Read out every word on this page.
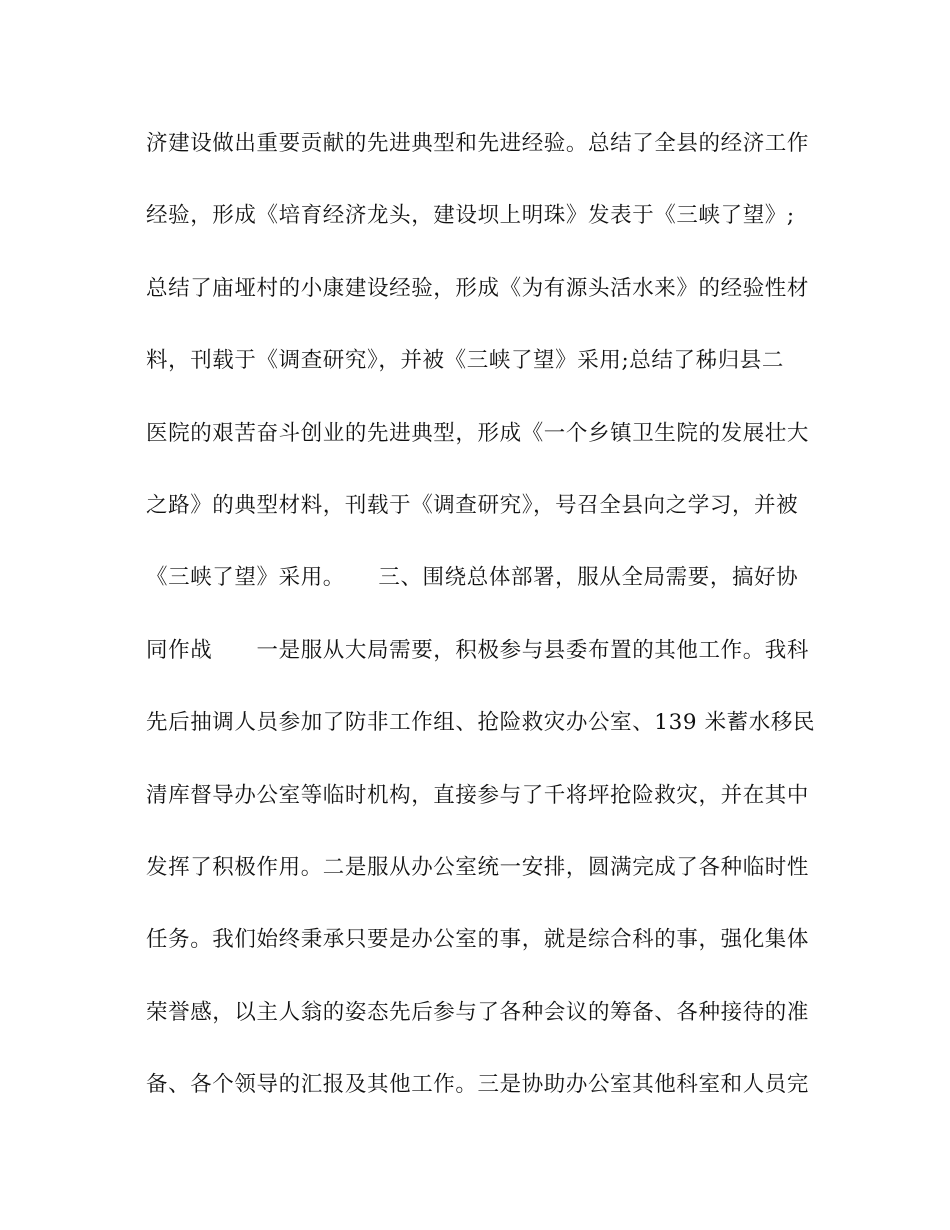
济建设做出重要贡献的先进典型和先进经验。总结了全县的经济工作
经验，形成《培育经济龙头，建设坝上明珠》发表于《三峡了望》;
总结了庙垭村的小康建设经验，形成《为有源头活水来》的经验性材
料，刊载于《调查研究》，并被《三峡了望》采用;总结了秭归县二
医院的艰苦奋斗创业的先进典型，形成《一个乡镇卫生院的发展壮大
之路》的典型材料，刊载于《调查研究》，号召全县向之学习，并被
《三峡了望》采用。　　三、围绕总体部署，服从全局需要，搞好协
同作战　　一是服从大局需要，积极参与县委布置的其他工作。我科
先后抽调人员参加了防非工作组、抢险救灾办公室、139 米蓄水移民
清库督导办公室等临时机构，直接参与了千将坪抢险救灾，并在其中
发挥了积极作用。二是服从办公室统一安排，圆满完成了各种临时性
任务。我们始终秉承只要是办公室的事，就是综合科的事，强化集体
荣誉感，以主人翁的姿态先后参与了各种会议的筹备、各种接待的准
备、各个领导的汇报及其他工作。三是协助办公室其他科室和人员完
